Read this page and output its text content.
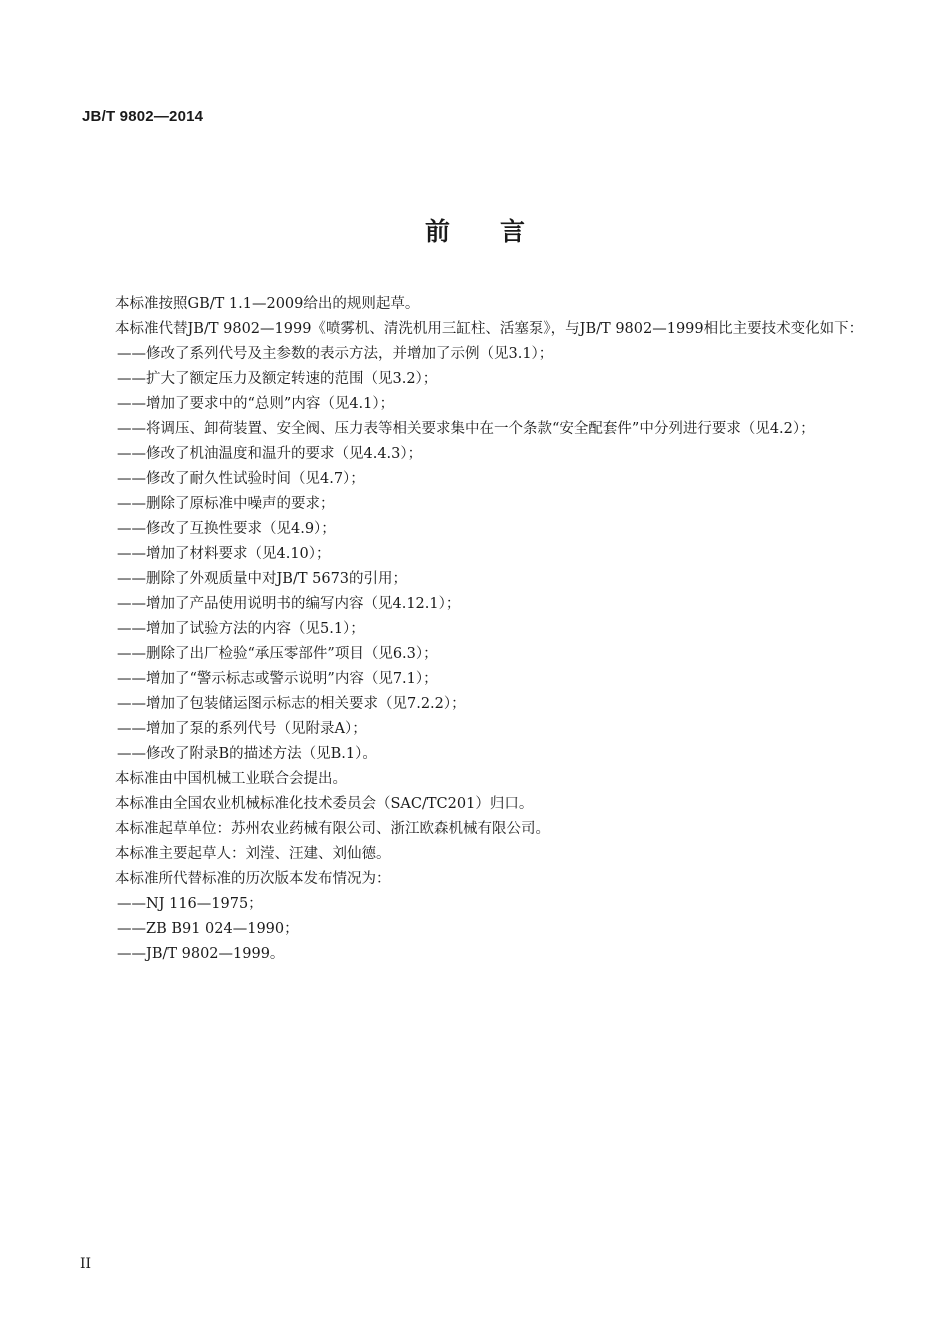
JB/T 9802—2014
前言

本标准按照GB/T 1.1—2009给出的规则起草。

本标准代替JB/T 9802—1999《喷雾机、清洗机用三缸柱、活塞泵》，与JB/T 9802—1999相比主要技术变化如下：

——修改了系列代号及主参数的表示方法，并增加了示例（见3.1）；

——扩大了额定压力及额定转速的范围（见3.2）；

——增加了要求中的“总则”内容（见4.1）；

——将调压、卸荷装置、安全阀、压力表等相关要求集中在一个条款“安全配套件”中分列进行要求（见4.2）；

——修改了机油温度和温升的要求（见4.4.3）；

——修改了耐久性试验时间（见4.7）；

——删除了原标准中噪声的要求；

——修改了互换性要求（见4.9）；

——增加了材料要求（见4.10）；

——删除了外观质量中对JB/T 5673的引用；

——增加了产品使用说明书的编写内容（见4.12.1）；

——增加了试验方法的内容（见5.1）；

——删除了出厂检验“承压零部件”项目（见6.3）；

——增加了“警示标志或警示说明”内容（见7.1）；

——增加了包装储运图示标志的相关要求（见7.2.2）；

——增加了泵的系列代号（见附录A）；

——修改了附录B的描述方法（见B.1）。

本标准由中国机械工业联合会提出。

本标准由全国农业机械标准化技术委员会（SAC/TC201）归口。

本标准起草单位：苏州农业药械有限公司、浙江欧森机械有限公司。

本标准主要起草人：刘滢、汪建、刘仙德。

本标准所代替标准的历次版本发布情况为：

——NJ 116—1975；

——ZB B91 024—1990；

——JB/T 9802—1999。

II
